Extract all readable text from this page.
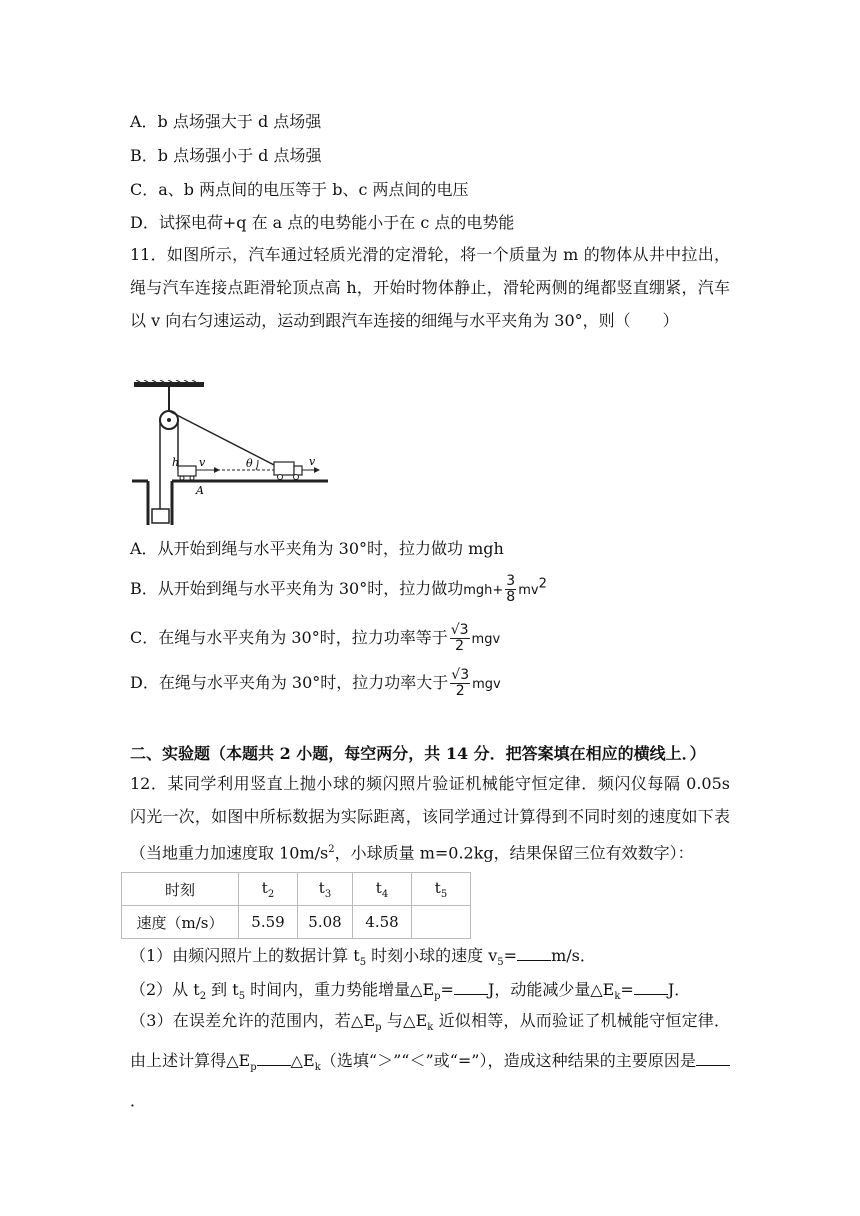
A．b 点场强大于 d 点场强
B．b 点场强小于 d 点场强
C．a、b 两点间的电压等于 b、c 两点间的电压
D．试探电荷+q 在 a 点的电势能小于在 c 点的电势能
11．如图所示，汽车通过轻质光滑的定滑轮，将一个质量为 m 的物体从井中拉出，绳与汽车连接点距滑轮顶点高 h，开始时物体静止，滑轮两侧的绳都竖直绷紧，汽车以 v 向右匀速运动，运动到跟汽车连接的细绳与水平夹角为 30°，则（　　）
h v	θ	v
A
A．从开始到绳与水平夹角为 30°时，拉力做功 mgh
B．从开始到绳与水平夹角为 30°时，拉力做功$mgh+ \frac{3}{8} mv^2$
C．在绳与水平夹角为 30°时，拉力功率等于 $\frac{√3}{2}$ mgv
D．在绳与水平夹角为 30°时，拉力功率大于 $\frac{√3}{2}$ mgv
二、实验题（本题共 2 小题，每空两分，共 14 分．把答案填在相应的横线上．）
12．某同学利用竖直上抛小球的频闪照片验证机械能守恒定律．频闪仪每隔 0.05s 闪光一次，如图中所标数据为实际距离，该同学通过计算得到不同时刻的速度如下表（当地重力加速度取 $10m/s^2$，小球质量 m=0.2kg，结果保留三位有效数字）：
时刻	$t_2$	$t_3$	$t_4$	$t_5$
速度（m/s）	5.59	5.08	4.58	
（1）由频闪照片上的数据计算 $t_5$ 时刻小球的速度 $v_5= m/s$．
（2）从 $t_2$ 到 $t_5$ 时间内，重力势能增量$\triangle E_p= J$，动能减少量$\triangle E_k= J$．
（3）在误差允许的范围内，若$\triangle E_p$ 与$\triangle E_k$ 近似相等，从而验证了机械能守恒定律．由上述计算得$\triangle E_p$ $\triangle E_k$（选填“＞”“＜”或“=”），造成这种结果的主要原因是．
